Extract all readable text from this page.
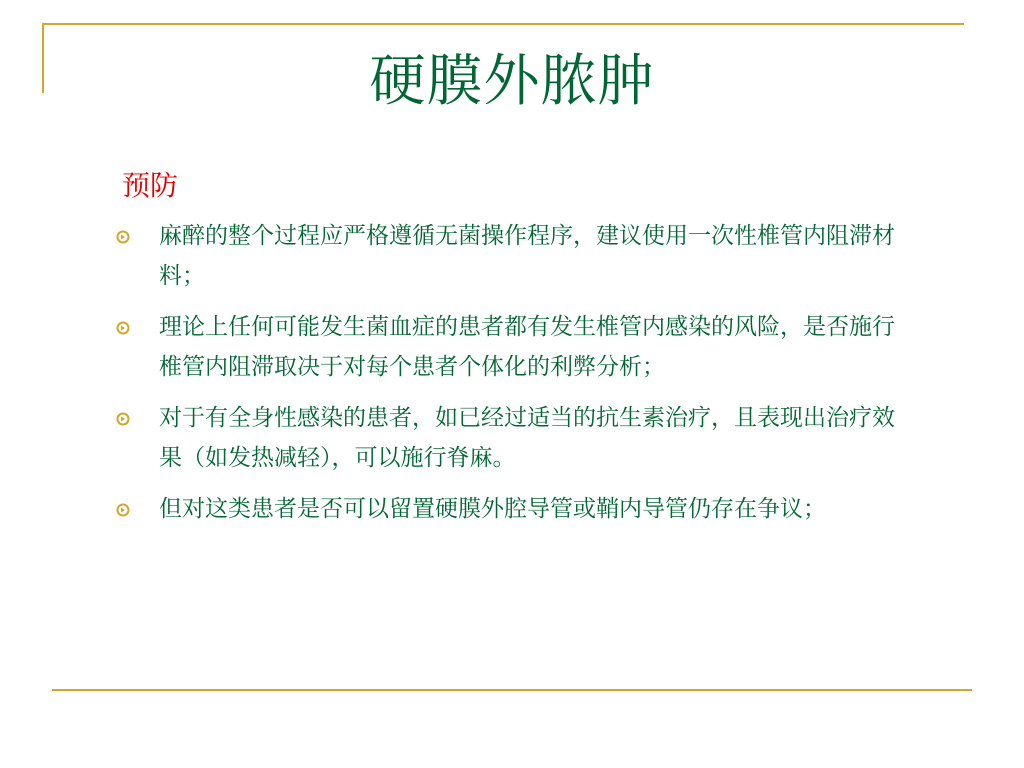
硬膜外脓肿
预防
麻醉的整个过程应严格遵循无菌操作程序，建议使用一次性椎管内阻滞材料；
理论上任何可能发生菌血症的患者都有发生椎管内感染的风险，是否施行椎管内阻滞取决于对每个患者个体化的利弊分析；
对于有全身性感染的患者，如已经过适当的抗生素治疗，且表现出治疗效果（如发热减轻），可以施行脊麻。
但对这类患者是否可以留置硬膜外腔导管或鞘内导管仍存在争议；
